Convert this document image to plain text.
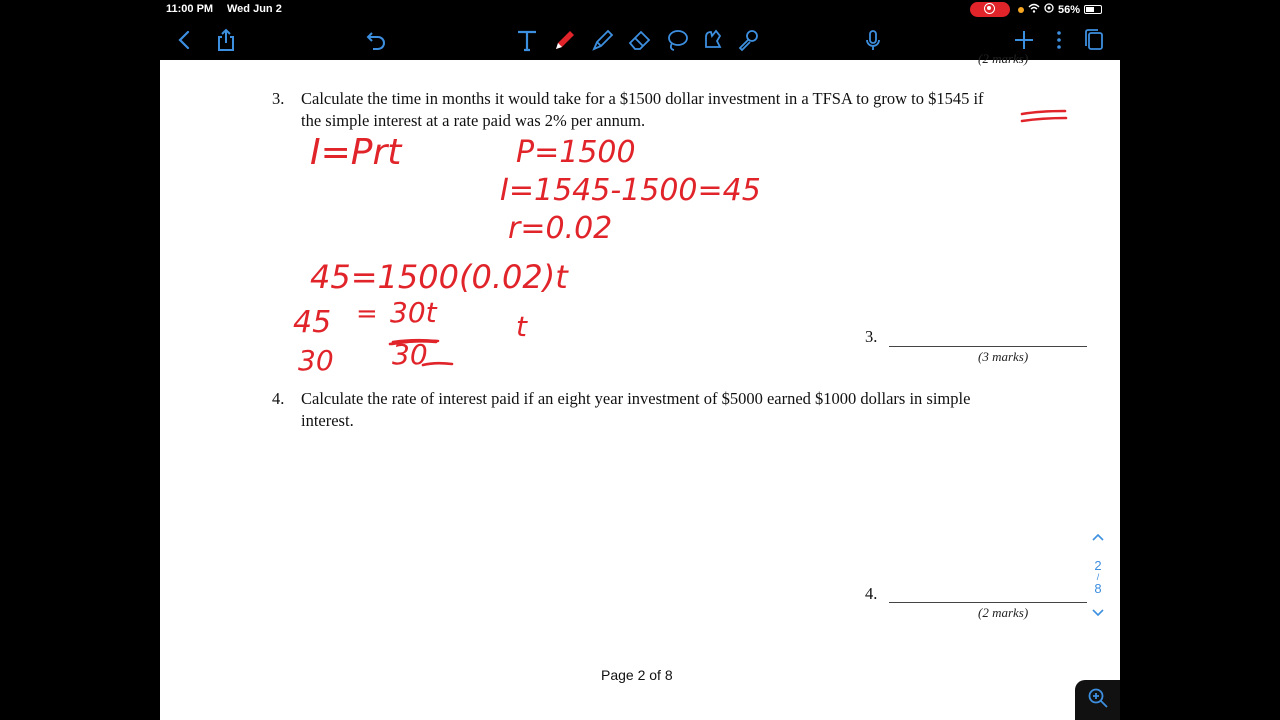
11:00 PM Wed Jun 2	56%
(2 marks)
3. Calculate the time in months it would take for a $1500 dollar investment in a TFSA to grow to $1545 if
the simple interest at a rate paid was 2% per annum.
3.
(3 marks)
4. Calculate the rate of interest paid if an eight year investment of $5000 earned $1000 dollars in simple
interest.
4.
(2 marks)
Page 2 of 8
I=Prt	P=1500
I=1545-1500=45
r=0.02
45=1500(0.02)t
45
30
= 30t
30
t
2
/
8
